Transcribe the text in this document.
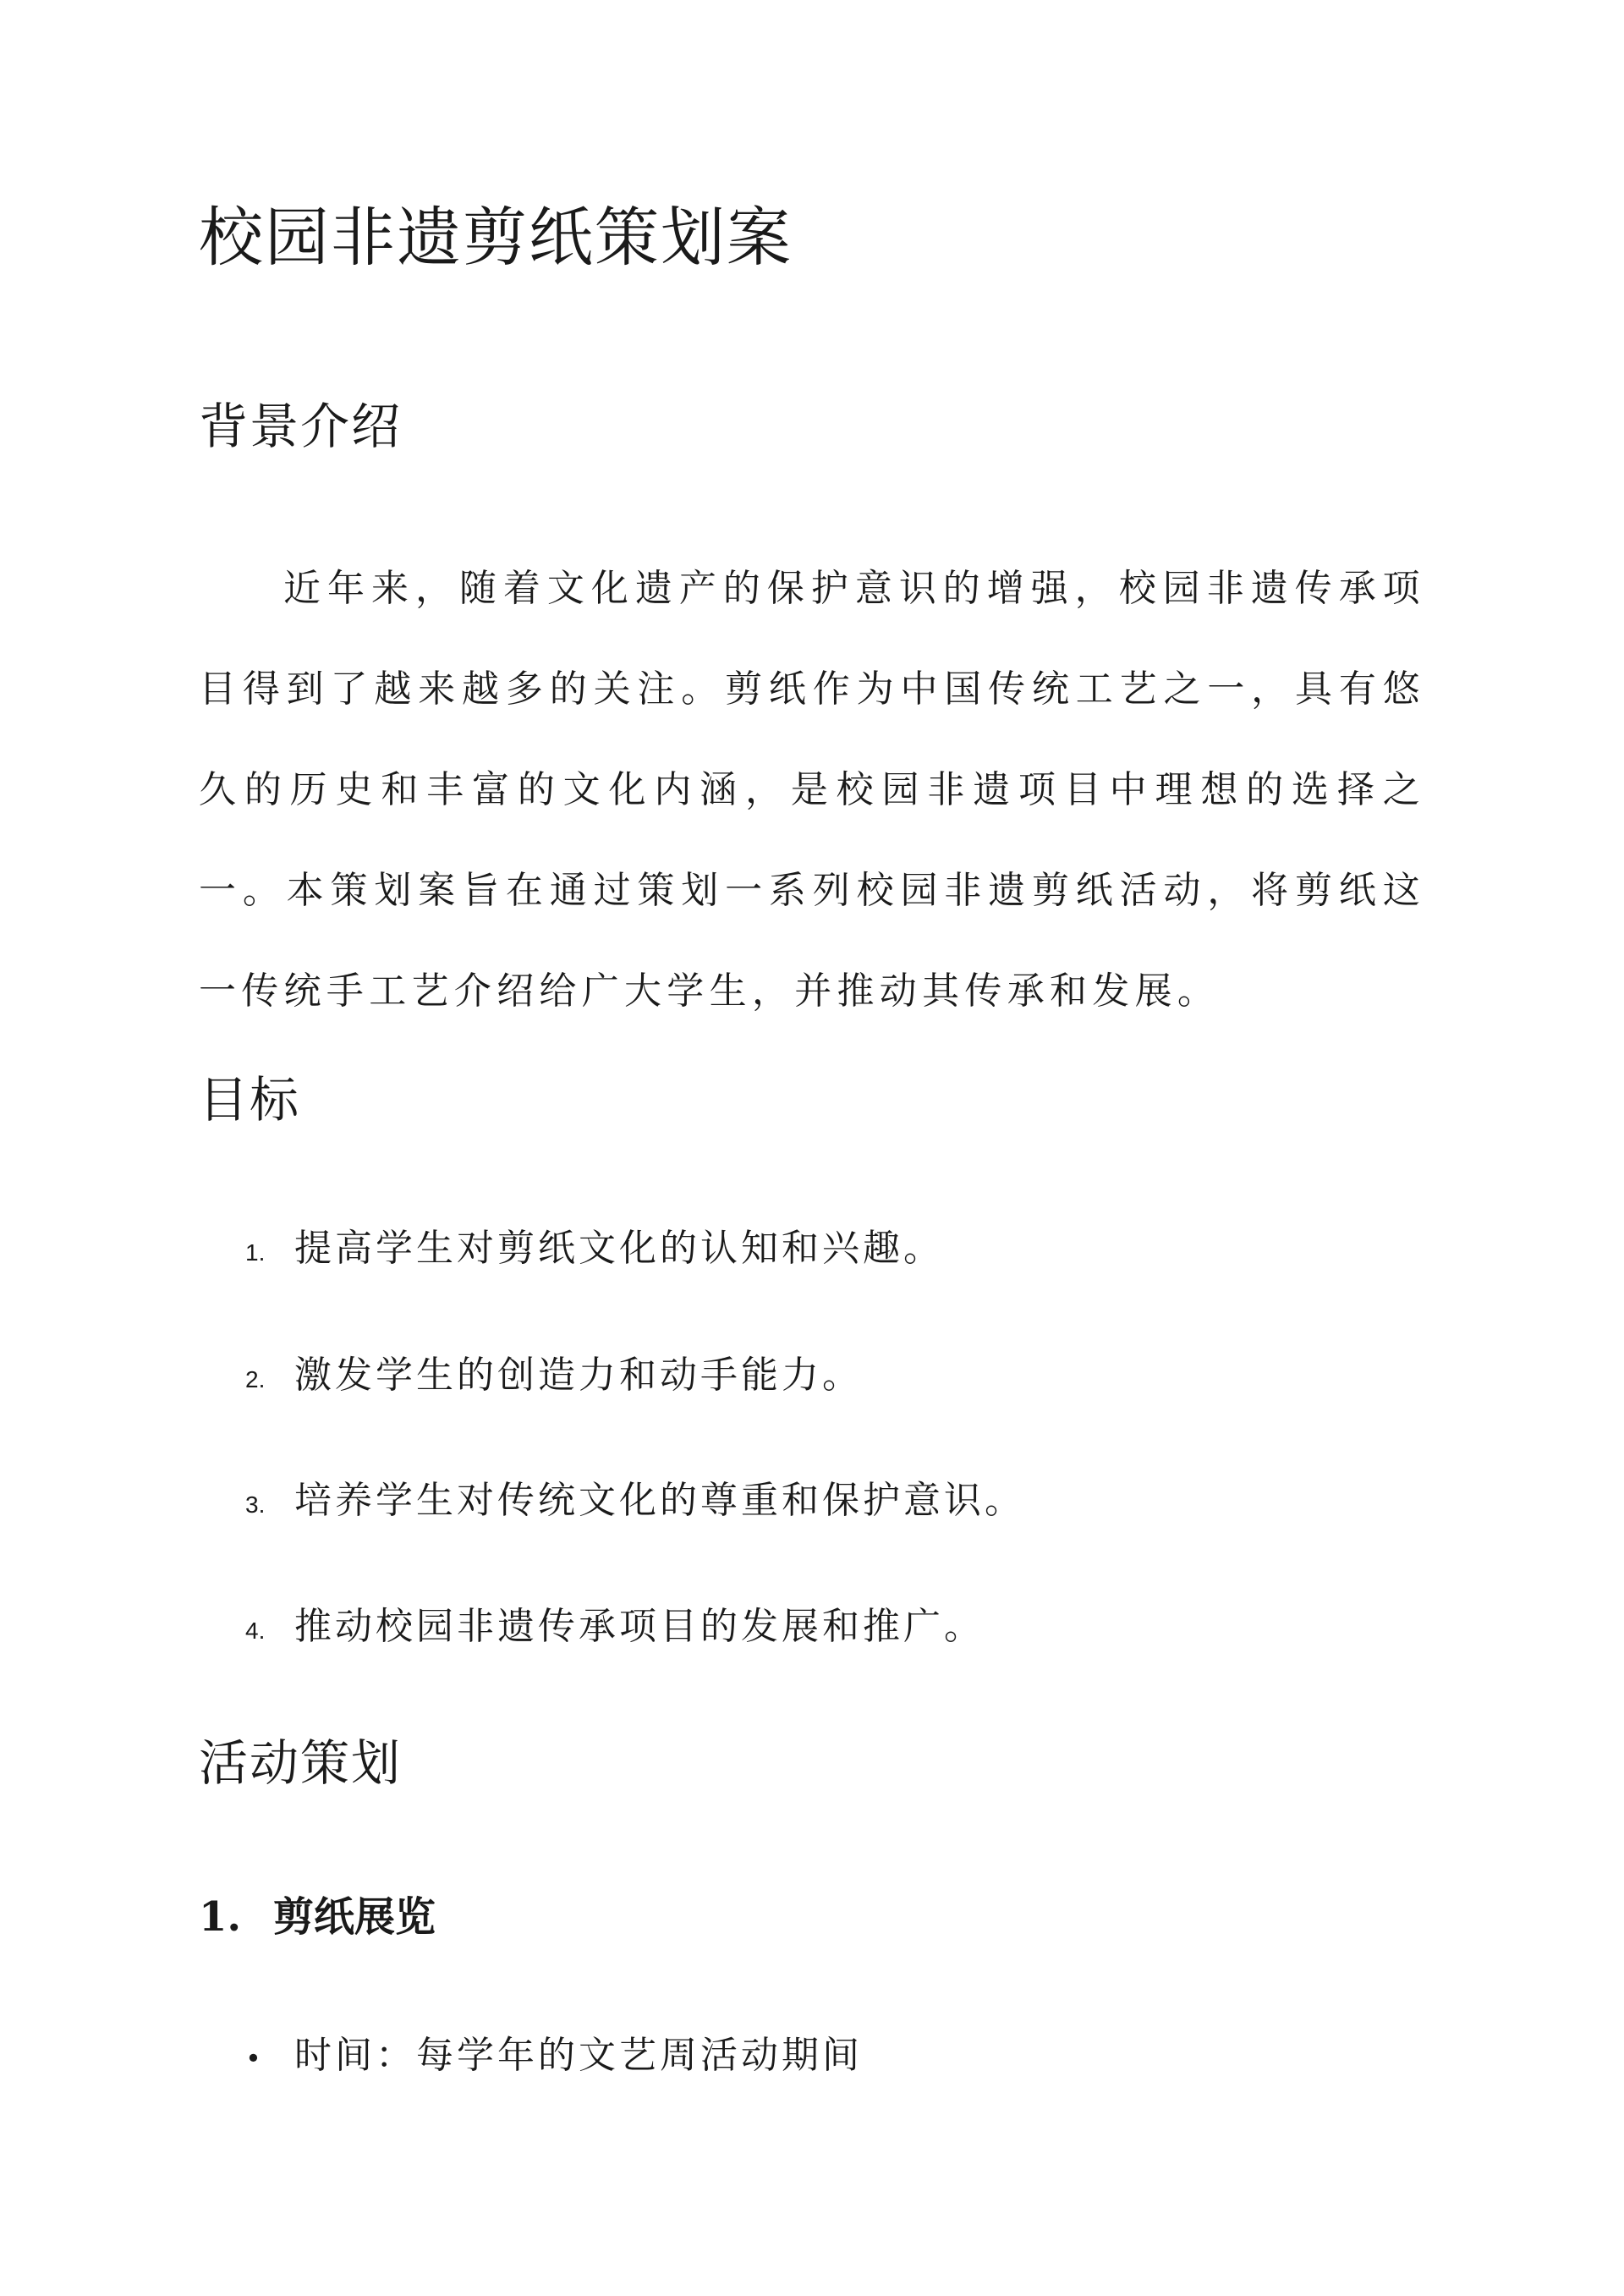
校园非遗剪纸策划案
背景介绍

近年来，随着文化遗产的保护意识的增强，校园非遗传承项目得到了越来越多的关注。剪纸作为中国传统工艺之一，具有悠久的历史和丰富的文化内涵，是校园非遗项目中理想的选择之一。本策划案旨在通过策划一系列校园非遗剪纸活动，将剪纸这一传统手工艺介绍给广大学生，并推动其传承和发展。

目标
1. 提高学生对剪纸文化的认知和兴趣。
2. 激发学生的创造力和动手能力。
3. 培养学生对传统文化的尊重和保护意识。
4. 推动校园非遗传承项目的发展和推广。
活动策划
1. 剪纸展览
• 时间：每学年的文艺周活动期间
